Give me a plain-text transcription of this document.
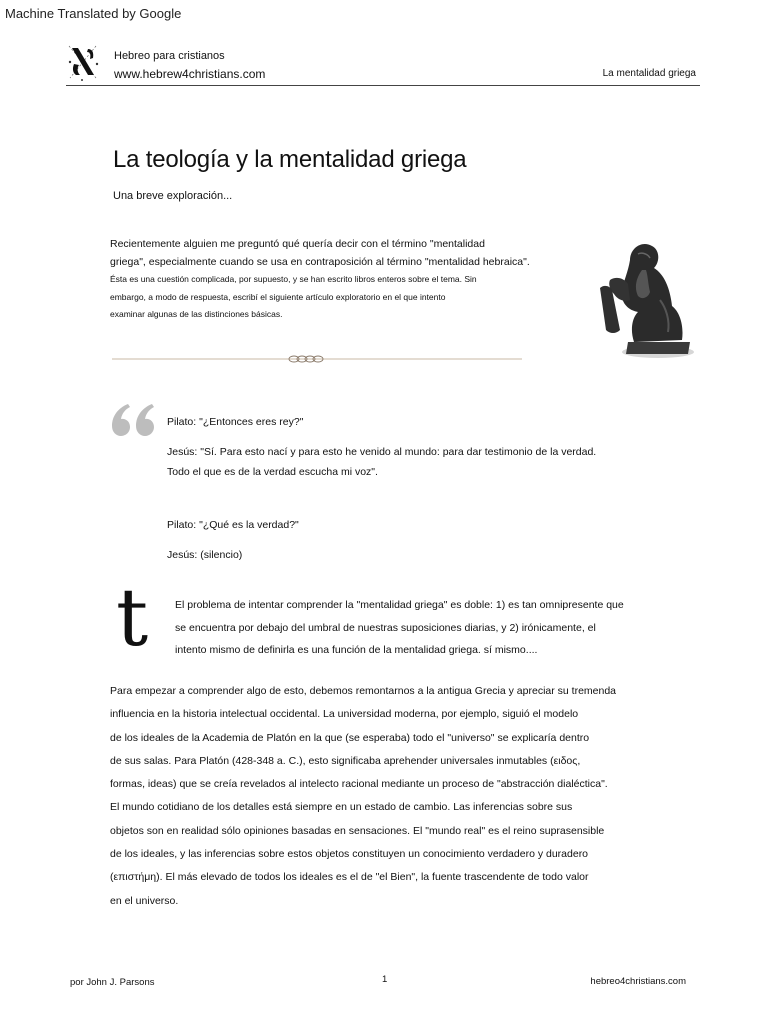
Machine Translated by Google
Hebreo para cristianos
www.hebrew4christians.com	La mentalidad griega
La teología y la mentalidad griega
Una breve exploración...

Recientemente alguien me preguntó qué quería decir con el término "mentalidad

griega", especialmente cuando se usa en contraposición al término "mentalidad hebraica".

Ésta es una cuestión complicada, por supuesto, y se han escrito libros enteros sobre el tema. Sin

embargo, a modo de respuesta, escribí el siguiente artículo exploratorio en el que intento

examinar algunas de las distinciones básicas.

Pilato: "¿Entonces eres rey?"
Jesús: "Sí. Para esto nací y para esto he venido al mundo: para dar testimonio de la verdad.
Todo el que es de la verdad escucha mi voz".
Pilato: "¿Qué es la verdad?"
Jesús: (silencio)
t	El problema de intentar comprender la "mentalidad griega" es doble: 1) es tan omnipresente que

se encuentra por debajo del umbral de nuestras suposiciones diarias, y 2) irónicamente, el

intento mismo de definirla es una función de la mentalidad griega. sí mismo....

Para empezar a comprender algo de esto, debemos remontarnos a la antigua Grecia y apreciar su tremenda

influencia en la historia intelectual occidental. La universidad moderna, por ejemplo, siguió el modelo

de los ideales de la Academia de Platón en la que (se esperaba) todo el "universo" se explicaría dentro

de sus salas. Para Platón (428-348 a. C.), esto significaba aprehender universales inmutables (ειδος,

formas, ideas) que se creía revelados al intelecto racional mediante un proceso de "abstracción dialéctica".

El mundo cotidiano de los detalles está siempre en un estado de cambio. Las inferencias sobre sus

objetos son en realidad sólo opiniones basadas en sensaciones. El "mundo real" es el reino suprasensible

de los ideales, y las inferencias sobre estos objetos constituyen un conocimiento verdadero y duradero

(επιστήμη). El más elevado de todos los ideales es el de "el Bien", la fuente trascendente de todo valor

en el universo.

por John J. Parsons	1	hebreo4christians.com
